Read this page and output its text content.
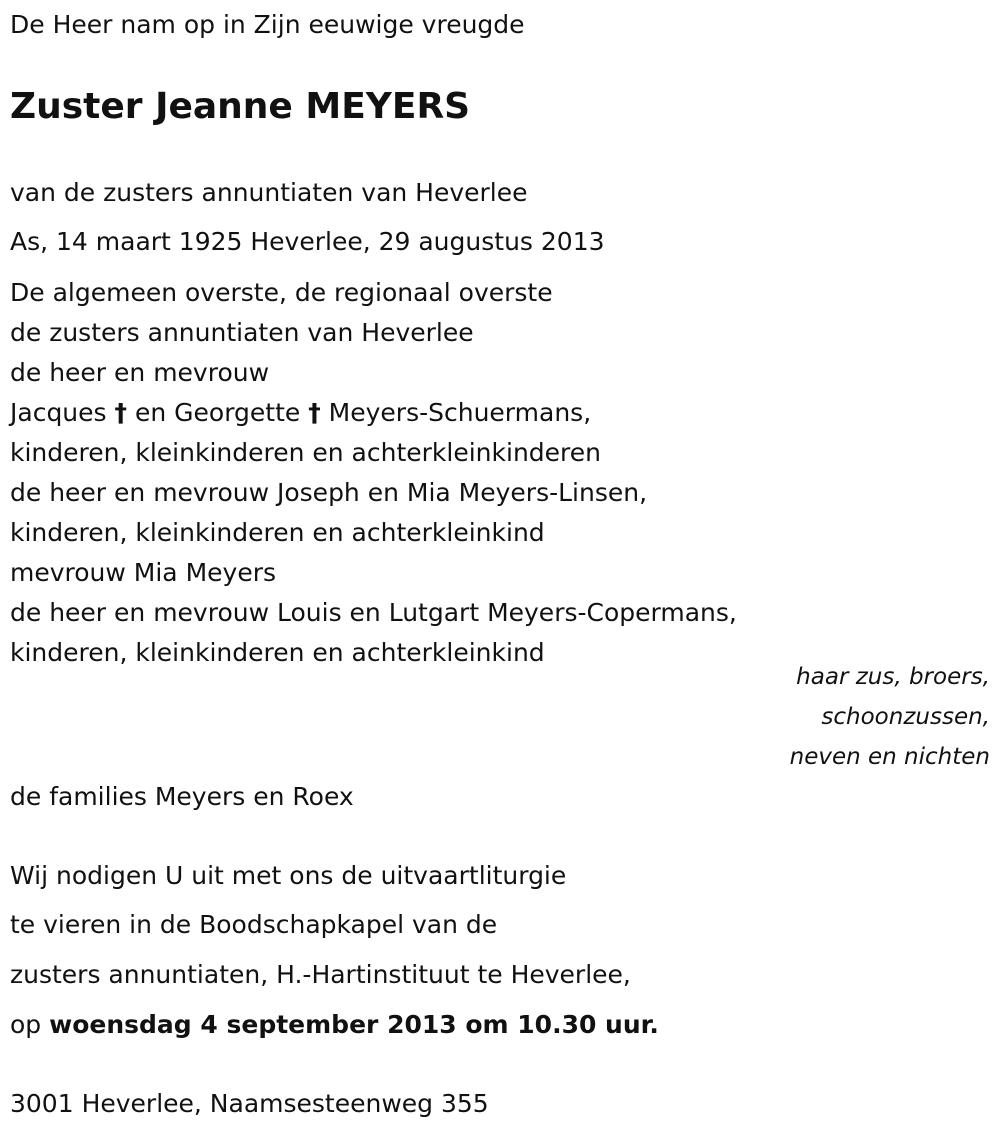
De Heer nam op in Zijn eeuwige vreugde
Zuster Jeanne MEYERS
van de zusters annuntiaten van Heverlee
As, 14 maart 1925 Heverlee, 29 augustus 2013
De algemeen overste, de regionaal overste
de zusters annuntiaten van Heverlee
de heer en mevrouw
Jacques † en Georgette † Meyers-Schuermans,
kinderen, kleinkinderen en achterkleinkinderen
de heer en mevrouw Joseph en Mia Meyers-Linsen,
kinderen, kleinkinderen en achterkleinkind
mevrouw Mia Meyers
de heer en mevrouw Louis en Lutgart Meyers-Copermans,
kinderen, kleinkinderen en achterkleinkind
haar zus, broers,
schoonzussen,
neven en nichten
de families Meyers en Roex
Wij nodigen U uit met ons de uitvaartliturgie
te vieren in de Boodschapkapel van de
zusters annuntiaten, H.-Hartinstituut te Heverlee,
op woensdag 4 september 2013 om 10.30 uur.
3001 Heverlee, Naamsesteenweg 355
